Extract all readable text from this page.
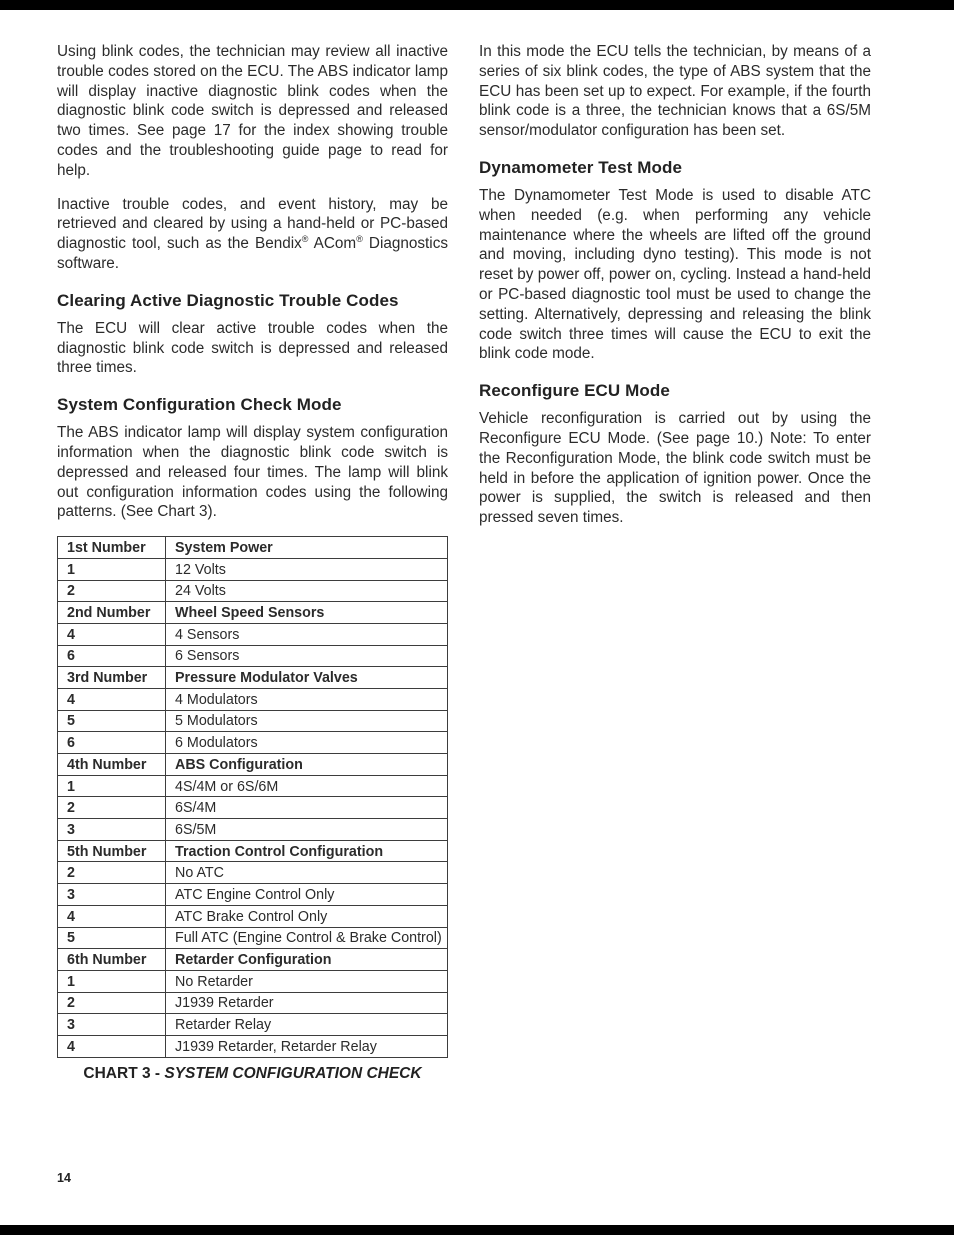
Using blink codes, the technician may review all inactive trouble codes stored on the ECU. The ABS indicator lamp will display inactive diagnostic blink codes when the diagnostic blink code switch is depressed and released two times. See page 17 for the index showing trouble codes and the troubleshooting guide page to read for help.

Inactive trouble codes, and event history, may be retrieved and cleared by using a hand-held or PC-based diagnostic tool, such as the Bendix® ACom® Diagnostics software.

Clearing Active Diagnostic Trouble Codes

The ECU will clear active trouble codes when the diagnostic blink code switch is depressed and released three times.

System Configuration Check Mode

The ABS indicator lamp will display system configuration information when the diagnostic blink code switch is depressed and released four times. The lamp will blink out configuration information codes using the following patterns. (See Chart 3).

1st Number	System Power
1	12 Volts
2	24 Volts
2nd Number	Wheel Speed Sensors
4	4 Sensors
6	6 Sensors
3rd Number	Pressure Modulator Valves
4	4 Modulators
5	5 Modulators
6	6 Modulators
4th Number	ABS Configuration
1	4S/4M or 6S/6M
2	6S/4M
3	6S/5M
5th Number	Traction Control Configuration
2	No ATC
3	ATC Engine Control Only
4	ATC Brake Control Only
5	Full ATC (Engine Control & Brake Control)
6th Number	Retarder Configuration
1	No Retarder
2	J1939 Retarder
3	Retarder Relay
4	J1939 Retarder, Retarder Relay
CHART 3 - SYSTEM CONFIGURATION CHECK

In this mode the ECU tells the technician, by means of a series of six blink codes, the type of ABS system that the ECU has been set up to expect. For example, if the fourth blink code is a three, the technician knows that a 6S/5M sensor/modulator configuration has been set.

Dynamometer Test Mode

The Dynamometer Test Mode is used to disable ATC when needed (e.g. when performing any vehicle maintenance where the wheels are lifted off the ground and moving, including dyno testing). This mode is not reset by power off, power on, cycling. Instead a hand-held or PC-based diagnostic tool must be used to change the setting. Alternatively, depressing and releasing the blink code switch three times will cause the ECU to exit the blink code mode.

Reconfigure ECU Mode

Vehicle reconfiguration is carried out by using the Reconfigure ECU Mode. (See page 10.) Note: To enter the Reconfiguration Mode, the blink code switch must be held in before the application of ignition power. Once the power is supplied, the switch is released and then pressed seven times.

14
